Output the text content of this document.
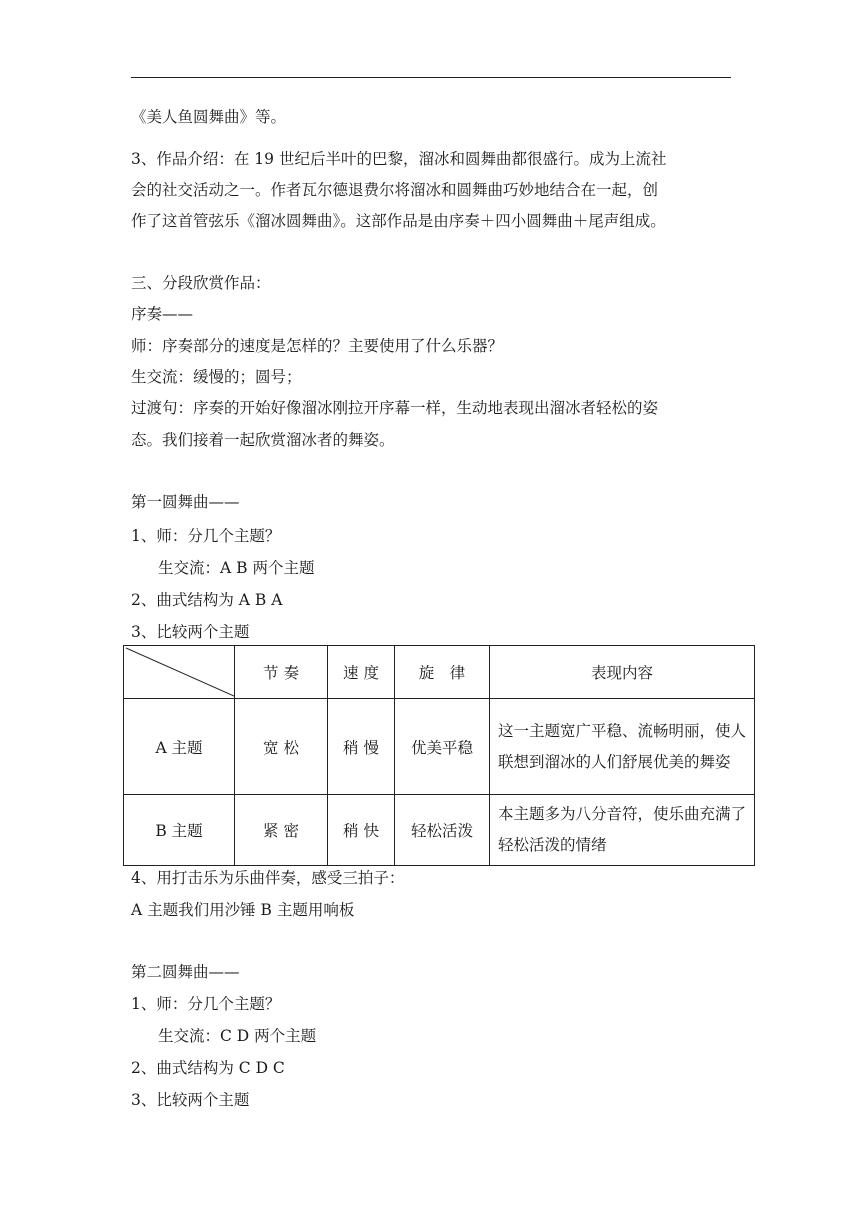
《美人鱼圆舞曲》等。
3、作品介绍：在 19 世纪后半叶的巴黎，溜冰和圆舞曲都很盛行。成为上流社
会的社交活动之一。作者瓦尔德退费尔将溜冰和圆舞曲巧妙地结合在一起，创
作了这首管弦乐《溜冰圆舞曲》。这部作品是由序奏＋四小圆舞曲＋尾声组成。
三、分段欣赏作品：
序奏——
师：序奏部分的速度是怎样的？主要使用了什么乐器？
生交流：缓慢的；圆号；
过渡句：序奏的开始好像溜冰刚拉开序幕一样，生动地表现出溜冰者轻松的姿
态。我们接着一起欣赏溜冰者的舞姿。
第一圆舞曲——
1、师：分几个主题？
生交流：A B 两个主题
2、曲式结构为 A B A
3、比较两个主题
	节 奏	速 度	旋　律	表现内容
A 主题	宽 松	稍 慢	优美平稳	这一主题宽广平稳、流畅明丽，使人联想到溜冰的人们舒展优美的舞姿
B 主题	紧 密	稍 快	轻松活泼	本主题多为八分音符，使乐曲充满了轻松活泼的情绪
4、用打击乐为乐曲伴奏，感受三拍子：
A 主题我们用沙锤 B 主题用响板
第二圆舞曲——
1、师：分几个主题？
生交流：C D 两个主题
2、曲式结构为 C D C
3、比较两个主题
